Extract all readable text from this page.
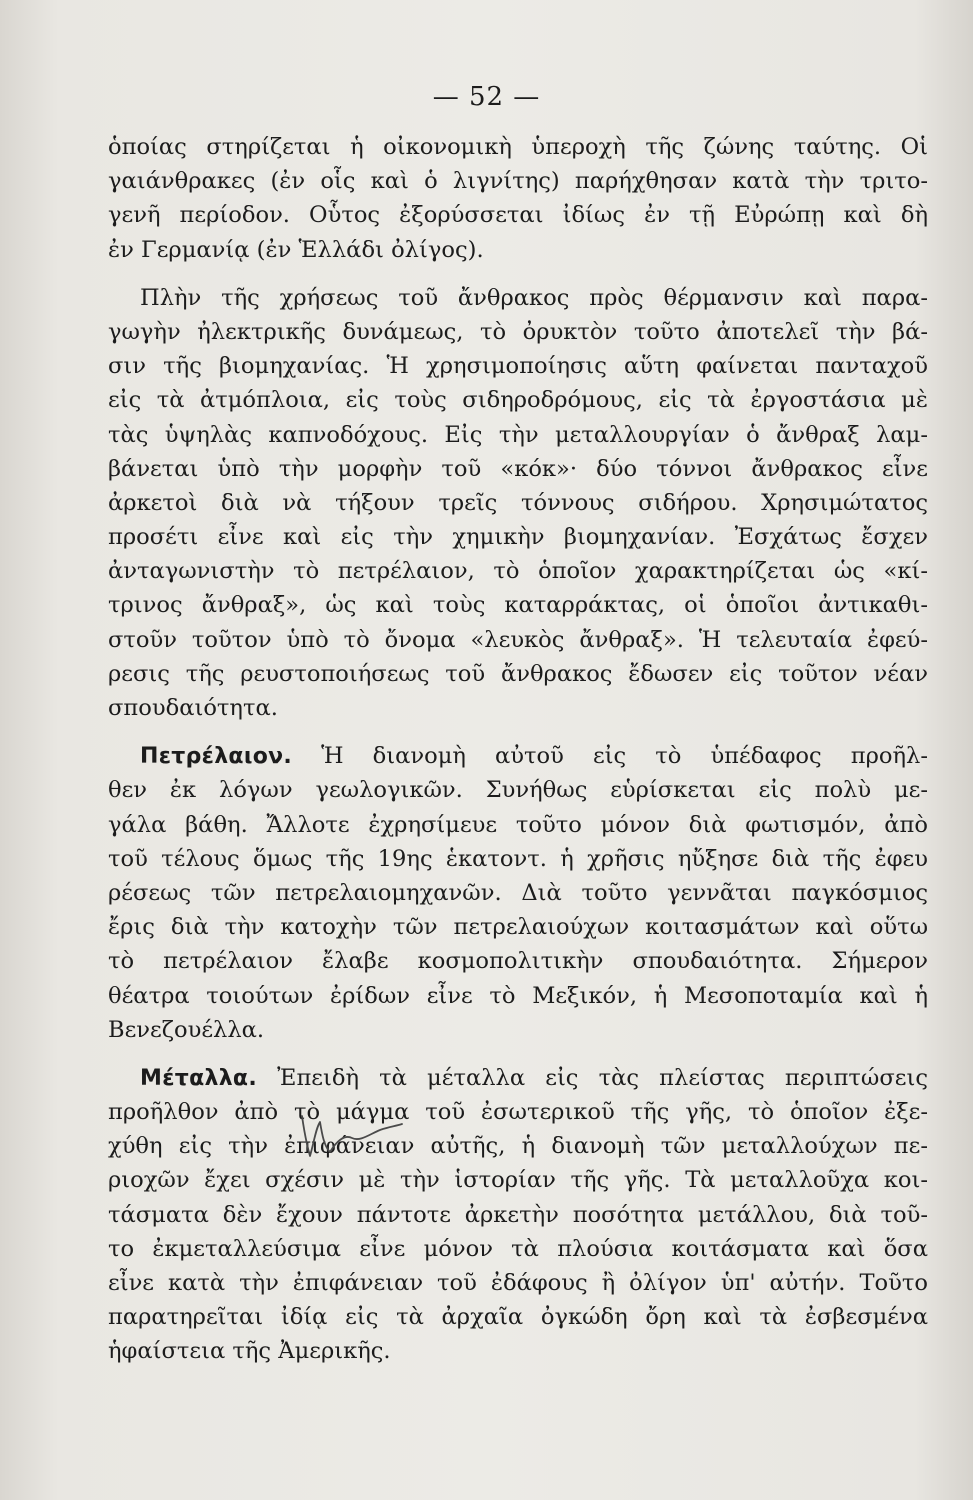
— 52 —
ὁποίας στηρίζεται ἡ οἰκονομικὴ ὑπεροχὴ τῆς ζώνης ταύτης. Οἱ
γαιάνθρακες (ἐν οἷς καὶ ὁ λιγνίτης) παρήχθησαν κατὰ τὴν τριτο-
γενῆ περίοδον. Οὗτος ἐξορύσσεται ἰδίως ἐν τῇ Εὐρώπῃ καὶ δὴ
ἐν Γερμανίᾳ (ἐν Ἑλλάδι ὀλίγος).
Πλὴν τῆς χρήσεως τοῦ ἄνθρακος πρὸς θέρμανσιν καὶ παρα-
γωγὴν ἠλεκτρικῆς δυνάμεως, τὸ ὀρυκτὸν τοῦτο ἀποτελεῖ τὴν βά-
σιν τῆς βιομηχανίας. Ἡ χρησιμοποίησις αὕτη φαίνεται πανταχοῦ
εἰς τὰ ἀτμόπλοια, εἰς τοὺς σιδηροδρόμους, εἰς τὰ ἐργοστάσια μὲ
τὰς ὑψηλὰς καπνοδόχους. Εἰς τὴν μεταλλουργίαν ὁ ἄνθραξ λαμ-
βάνεται ὑπὸ τὴν μορφὴν τοῦ «κόκ»· δύο τόννοι ἄνθρακος εἶνε
ἀρκετοὶ διὰ νὰ τήξουν τρεῖς τόννους σιδήρου. Χρησιμώτατος
προσέτι εἶνε καὶ εἰς τὴν χημικὴν βιομηχανίαν. Ἐσχάτως ἔσχεν
ἀνταγωνιστὴν τὸ πετρέλαιον, τὸ ὁποῖον χαρακτηρίζεται ὡς «κί-
τρινος ἄνθραξ», ὡς καὶ τοὺς καταρράκτας, οἱ ὁποῖοι ἀντικαθι-
στοῦν τοῦτον ὑπὸ τὸ ὄνομα «λευκὸς ἄνθραξ». Ἡ τελευταία ἐφεύ-
ρεσις τῆς ρευστοποιήσεως τοῦ ἄνθρακος ἔδωσεν εἰς τοῦτον νέαν
σπουδαιότητα.
Πετρέλαιον. Ἡ διανομὴ αὐτοῦ εἰς τὸ ὑπέδαφος προῆλ-
θεν ἐκ λόγων γεωλογικῶν. Συνήθως εὑρίσκεται εἰς πολὺ με-
γάλα βάθη. Ἄλλοτε ἐχρησίμευε τοῦτο μόνον διὰ φωτισμόν, ἀπὸ
τοῦ τέλους ὅμως τῆς 19ης ἑκατοντ. ἡ χρῆσις ηὔξησε διὰ τῆς ἐφευ
ρέσεως τῶν πετρελαιομηχανῶν. Διὰ τοῦτο γεννᾶται παγκόσμιος
ἔρις διὰ τὴν κατοχὴν τῶν πετρελαιούχων κοιτασμάτων καὶ οὕτω
τὸ πετρέλαιον ἔλαβε κοσμοπολιτικὴν σπουδαιότητα. Σήμερον
θέατρα τοιούτων ἐρίδων εἶνε τὸ Μεξικόν, ἡ Μεσοποταμία καὶ ἡ
Βενεζουέλλα.
Μέταλλα. Ἐπειδὴ τὰ μέταλλα εἰς τὰς πλείστας περιπτώσεις
προῆλθον ἀπὸ τὸ μάγμα τοῦ ἐσωτερικοῦ τῆς γῆς, τὸ ὁποῖον ἐξε-
χύθη εἰς τὴν ἐπιφάνειαν αὐτῆς, ἡ διανομὴ τῶν μεταλλούχων πε-
ριοχῶν ἔχει σχέσιν μὲ τὴν ἱστορίαν τῆς γῆς. Τὰ μεταλλοῦχα κοι-
τάσματα δὲν ἔχουν πάντοτε ἀρκετὴν ποσότητα μετάλλου, διὰ τοῦ-
το ἐκμεταλλεύσιμα εἶνε μόνον τὰ πλούσια κοιτάσματα καὶ ὅσα
εἶνε κατὰ τὴν ἐπιφάνειαν τοῦ ἐδάφους ἢ ὀλίγον ὑπ' αὐτήν. Τοῦτο
παρατηρεῖται ἰδίᾳ εἰς τὰ ἀρχαῖα ὀγκώδη ὄρη καὶ τὰ ἐσβεσμένα
ἡφαίστεια τῆς Ἀμερικῆς.
